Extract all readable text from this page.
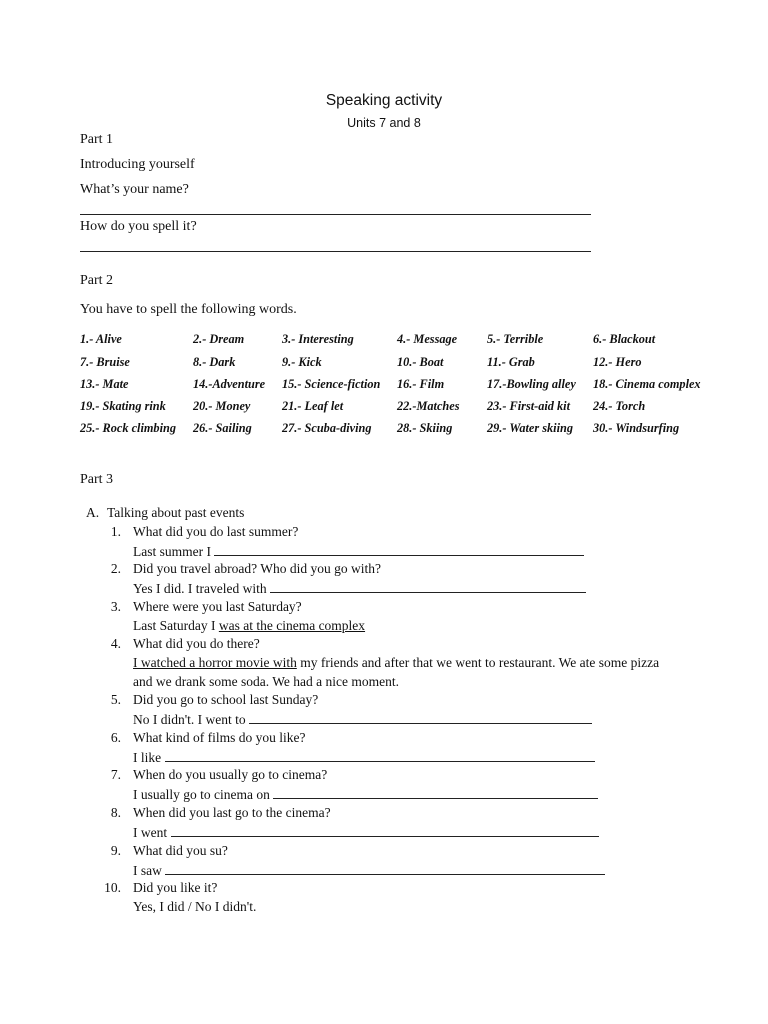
Speaking activity
Units 7 and 8
Part 1
Introducing yourself
What’s your name?
How do you spell it?
Part 2
You have to spell the following words.
1.- Alive	2.- Dream	3.- Interesting	4.- Message 5.- Terrible	6.- Blackout
7.- Bruise	8.- Dark	9.- Kick	10.- Boat	11.- Grab	12.- Hero
13.- Mate	14.-Adventure 15.- Science-fiction 16.- Film	17.-Bowling alley 18.- Cinema complex
19.- Skating rink 20.- Money	21.- Leaf let	22.-Matches 23.- First-aid kit 24.- Torch
25.- Rock climbing 26.- Sailing 27.- Scuba-diving 28.- Skiing	29.- Water skiing 30.- Windsurfing
Part 3
A. Talking about past events
1. What did you do last summer?
Last summer I
2. Did you travel abroad? Who did you go with?
Yes I did. I traveled with
3. Where were you last Saturday?
Last Saturday I was at the cinema complex
4. What did you do there?
I watched a horror movie with my friends and after that we went to restaurant. We ate some pizza
and we drank some soda. We had a nice moment.
5. Did you go to school last Sunday?
No I didn't. I went to
6. What kind of films do you like?
I like
7. When do you usually go to cinema?
I usually go to cinema on
8. When did you last go to the cinema?
I went
9. What did you su?
I saw
10. Did you like it?
Yes, I did / No I didn't.
